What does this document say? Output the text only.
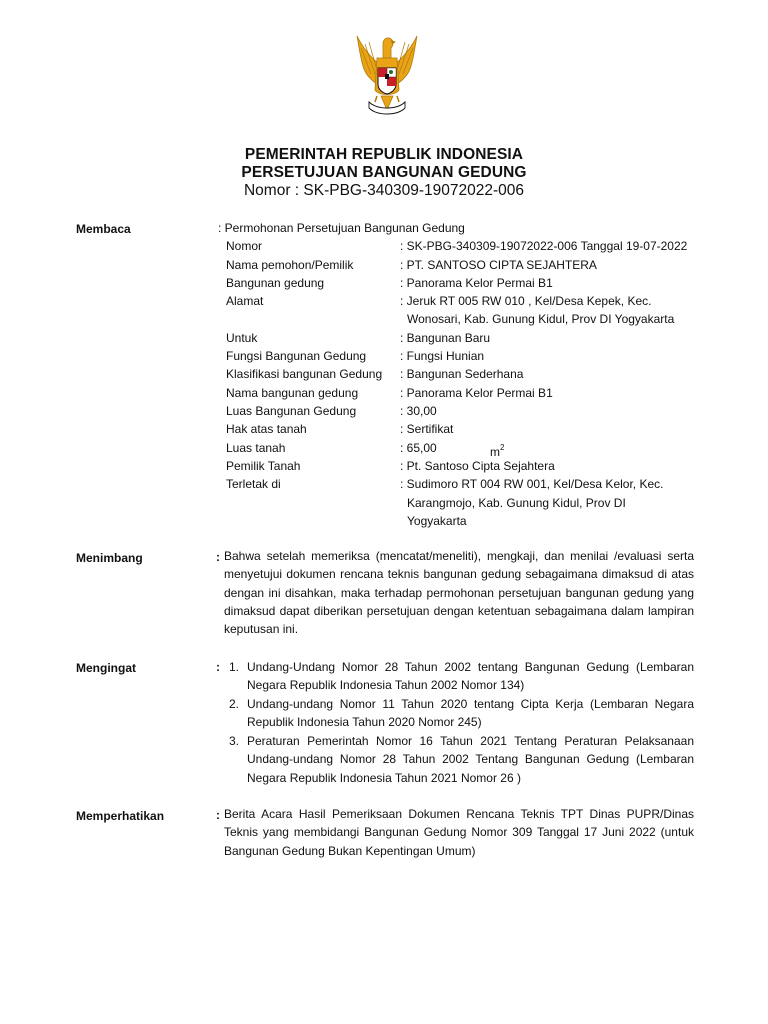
PEMERINTAH REPUBLIK INDONESIA
PERSETUJUAN BANGUNAN GEDUNG
Nomor : SK-PBG-340309-19072022-006
Membaca	: Permohonan Persetujuan Bangunan Gedung
Nomor	: SK-PBG-340309-19072022-006 Tanggal 19-07-2022
Nama pemohon/Pemilik	: PT. SANTOSO CIPTA SEJAHTERA
Bangunan gedung	: Panorama Kelor Permai B1
Alamat	: Jeruk RT 005 RW 010 , Kel/Desa Kepek, Kec.
Wonosari, Kab. Gunung Kidul, Prov DI Yogyakarta
Untuk	: Bangunan Baru
Fungsi Bangunan Gedung	: Fungsi Hunian
Klasifikasi bangunan Gedung : Bangunan Sederhana
Nama bangunan gedung	: Panorama Kelor Permai B1
Luas Bangunan Gedung	: 30,00
Hak atas tanah	: Sertifikat
Luas tanah	: 65,00	$m^2$
Pemilik Tanah	: Pt. Santoso Cipta Sejahtera
Terletak di	: Sudimoro RT 004 RW 001, Kel/Desa Kelor, Kec.
Karangmojo, Kab. Gunung Kidul, Prov DI
Yogyakarta
Menimbang	: Bahwa setelah memeriksa (mencatat/meneliti), mengkaji, dan menilai /evaluasi serta menyetujui dokumen rencana teknis bangunan gedung sebagaimana dimaksud di atas dengan ini disahkan, maka terhadap permohonan persetujuan bangunan gedung yang dimaksud dapat diberikan persetujuan dengan ketentuan sebagaimana dalam lampiran keputusan ini.
Mengingat	: 1. Undang-Undang Nomor 28 Tahun 2002 tentang Bangunan Gedung (Lembaran Negara Republik Indonesia Tahun 2002 Nomor 134)
2. Undang-undang Nomor 11 Tahun 2020 tentang Cipta Kerja (Lembaran Negara Republik Indonesia Tahun 2020 Nomor 245)
3. Peraturan Pemerintah Nomor 16 Tahun 2021 Tentang Peraturan Pelaksanaan Undang-undang Nomor 28 Tahun 2002 Tentang Bangunan Gedung (Lembaran Negara Republik Indonesia Tahun 2021 Nomor 26 )
Memperhatikan	: Berita Acara Hasil Pemeriksaan Dokumen Rencana Teknis TPT Dinas PUPR/Dinas Teknis yang membidangi Bangunan Gedung Nomor 309 Tanggal 17 Juni 2022 (untuk Bangunan Gedung Bukan Kepentingan Umum)
